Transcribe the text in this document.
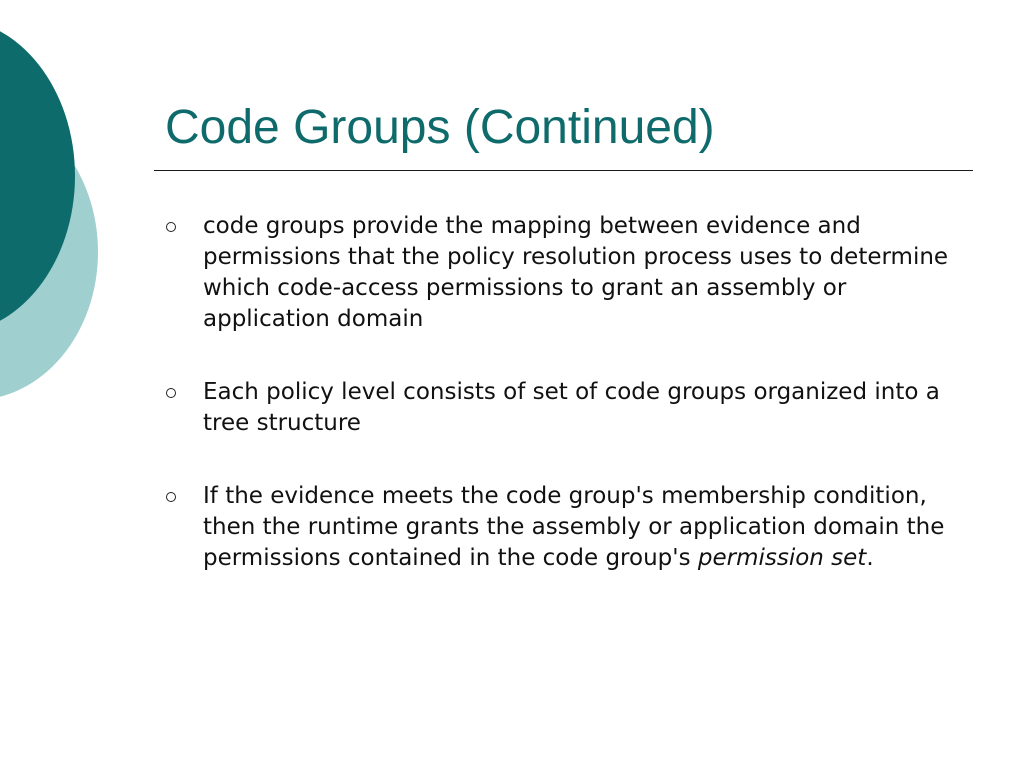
Code Groups (Continued)
code groups provide the mapping between evidence and permissions that the policy resolution process uses to determine which code-access permissions to grant an assembly or application domain
Each policy level consists of set of code groups organized into a tree structure
If the evidence meets the code group's membership condition, then the runtime grants the assembly or application domain the permissions contained in the code group's permission set.
